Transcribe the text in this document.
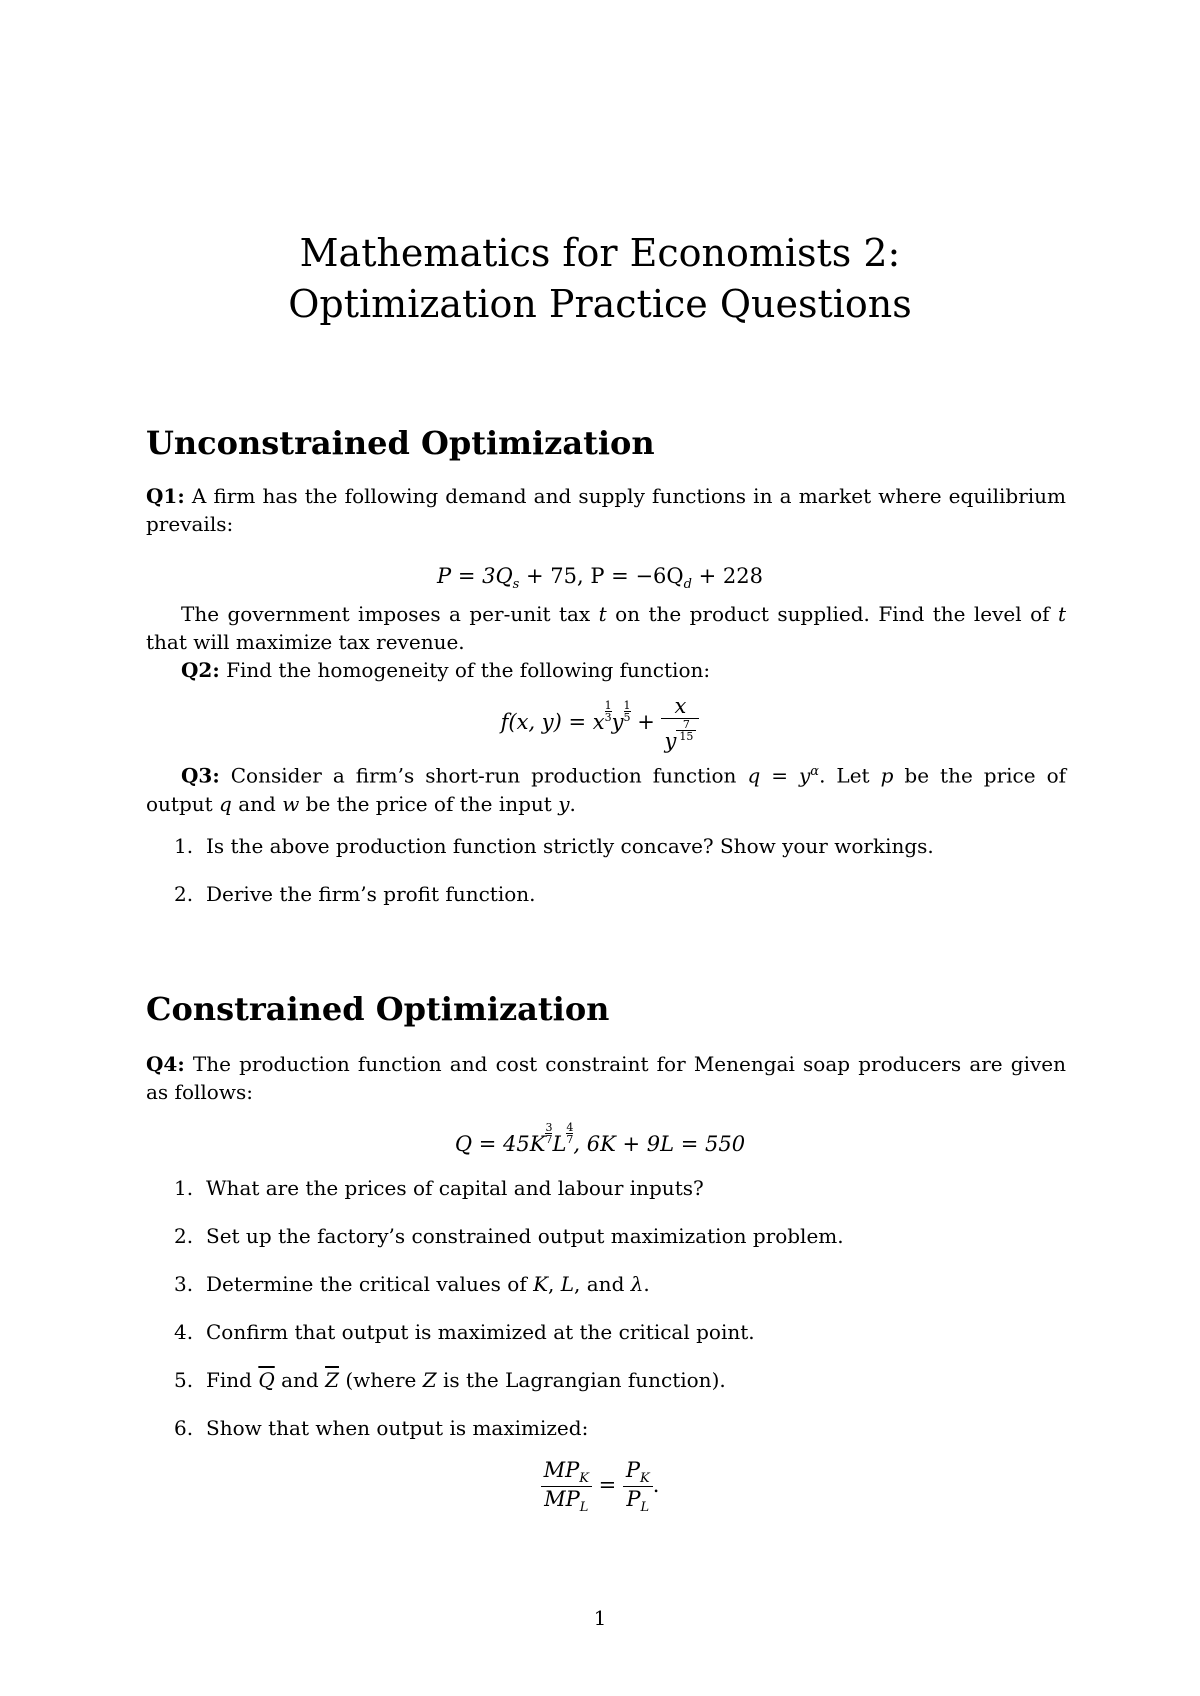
Mathematics for Economists 2:
Optimization Practice Questions
Unconstrained Optimization
Q1: A firm has the following demand and supply functions in a market where equilibrium prevails:
$P = 3Q_s + 75$, $P = -6Q_d + 228$
The government imposes a per-unit tax t on the product supplied. Find the level of t that will maximize tax revenue.
Q2: Find the homogeneity of the following function:
f(x, y) = x $\frac{1}{3}$ y $\frac{1}{5} + \frac{x}{y \frac{7}{15}}$
Q3: Consider a firm’s short-run production function $q = y^\alpha$. Let p be the price of output q and w be the price of the input y.
1. Is the above production function strictly concave? Show your workings.
2. Derive the firm’s profit function.
Constrained Optimization
Q4: The production function and cost constraint for Menengai soap producers are given as follows:
$Q = 45K \frac{3}{7}$ L $\frac{4}{7}$ , 6K + 9L = 550
1. What are the prices of capital and labour inputs?
2. Set up the factory’s constrained output maximization problem.
3. Determine the critical values of K, L, and λ.
4. Confirm that output is maximized at the critical point.
5. Find $\overline{Q}$ and $\overline{Z}$ (where Z is the Lagrangian function).
6. Show that when output is maximized:
$\frac{MP_K}{MP_L} = \frac{P_K}{P_L}$ .
1
